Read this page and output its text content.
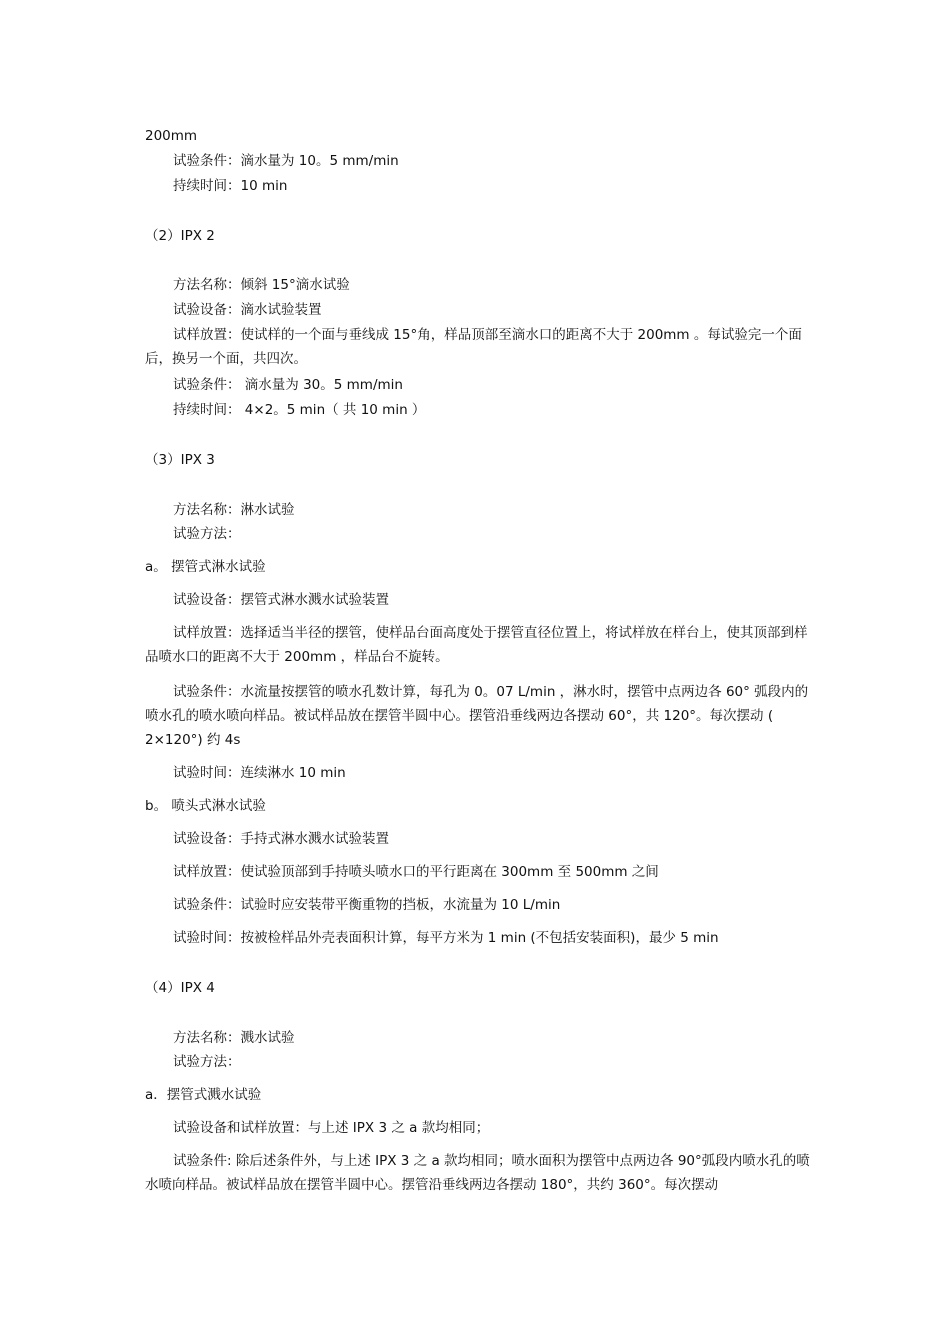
200mm

试验条件：滴水量为 10。5 mm/min

持续时间：10 min

（2）IPX 2

方法名称：倾斜 15°滴水试验

试验设备：滴水试验装置

试样放置：使试样的一个面与垂线成 15°角，样品顶部至滴水口的距离不大于 200mm 。每试验完一个面后，换另一个面，共四次。

试验条件： 滴水量为 30。5 mm/min

持续时间： 4×2。5 min（ 共 10 min ）

（3）IPX 3

方法名称：淋水试验

试验方法：

a。 摆管式淋水试验

试验设备：摆管式淋水溅水试验装置

试样放置：选择适当半径的摆管，使样品台面高度处于摆管直径位置上，将试样放在样台上，使其顶部到样品喷水口的距离不大于 200mm ，样品台不旋转。

试验条件：水流量按摆管的喷水孔数计算，每孔为 0。07 L/min ，淋水时，摆管中点两边各 60° 弧段内的喷水孔的喷水喷向样品。被试样品放在摆管半圆中心。摆管沿垂线两边各摆动 60°，共 120°。每次摆动 ( 2×120°) 约 4s

试验时间：连续淋水 10 min

b。 喷头式淋水试验

试验设备：手持式淋水溅水试验装置

试样放置：使试验顶部到手持喷头喷水口的平行距离在 300mm 至 500mm 之间

试验条件：试验时应安装带平衡重物的挡板，水流量为 10 L/min

试验时间：按被检样品外壳表面积计算，每平方米为 1 min (不包括安装面积)，最少 5 min

（4）IPX 4

方法名称：溅水试验

试验方法：

a．摆管式溅水试验

试验设备和试样放置：与上述 IPX 3 之 a 款均相同；

试验条件: 除后述条件外，与上述 IPX 3 之 a 款均相同；喷水面积为摆管中点两边各 90°弧段内喷水孔的喷水喷向样品。被试样品放在摆管半圆中心。摆管沿垂线两边各摆动 180°，共约 360°。每次摆动
